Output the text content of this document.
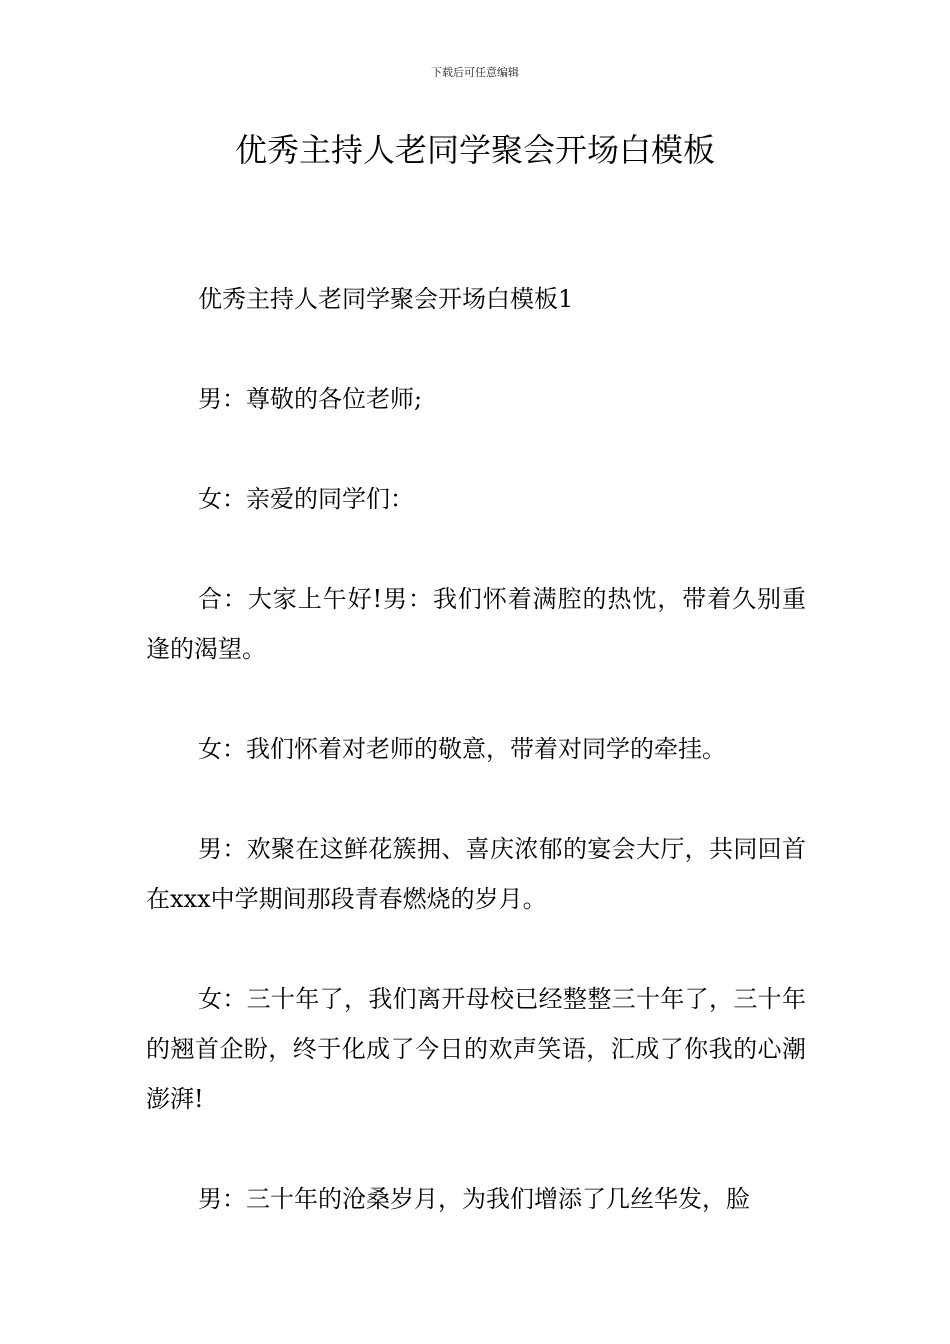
下载后可任意编辑
优秀主持人老同学聚会开场白模板

优秀主持人老同学聚会开场白模板1

男：尊敬的各位老师;

女：亲爱的同学们：

合：大家上午好!男：我们怀着满腔的热忱，带着久别重逢的渴望。

女：我们怀着对老师的敬意，带着对同学的牵挂。

男：欢聚在这鲜花簇拥、喜庆浓郁的宴会大厅，共同回首在xxx中学期间那段青春燃烧的岁月。

女：三十年了，我们离开母校已经整整三十年了，三十年的翘首企盼，终于化成了今日的欢声笑语，汇成了你我的心潮澎湃!

男：三十年的沧桑岁月，为我们增添了几丝华发，脸
